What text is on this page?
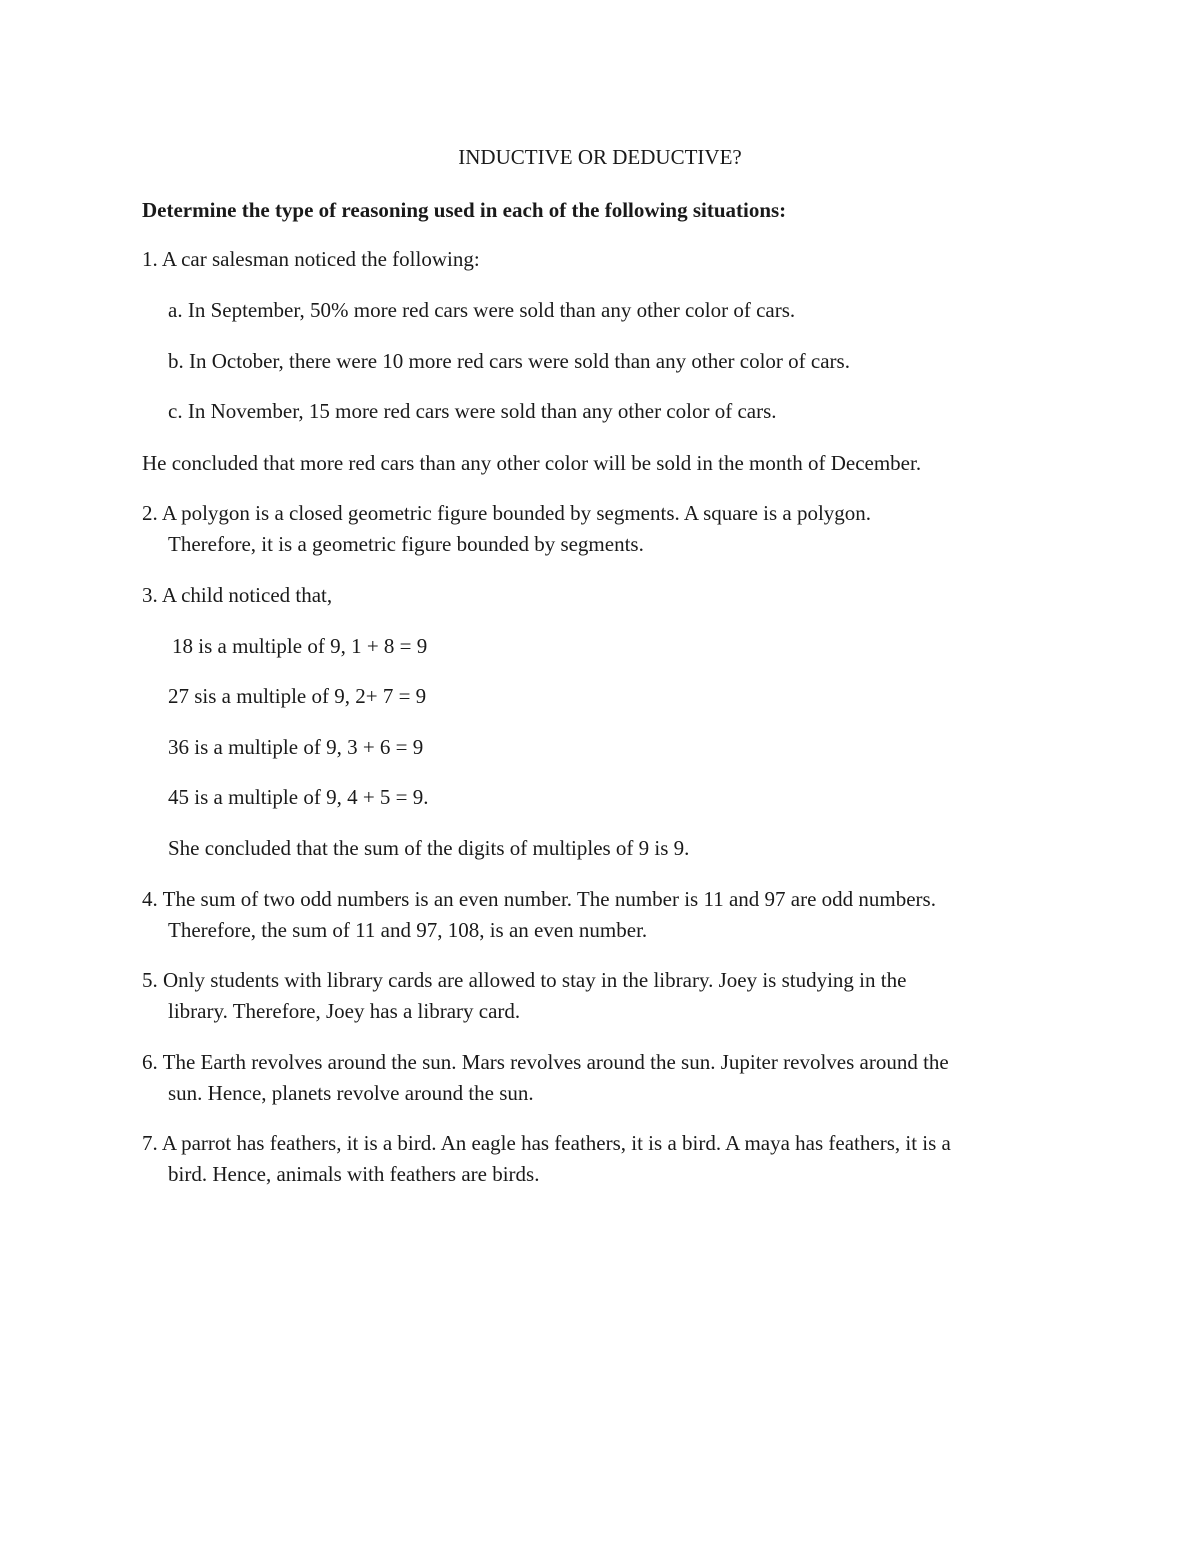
INDUCTIVE OR DEDUCTIVE?

Determine the type of reasoning used in each of the following situations:

1. A car salesman noticed the following:

a. In September, 50% more red cars were sold than any other color of cars.

b. In October, there were 10 more red cars were sold than any other color of cars.

c. In November, 15 more red cars were sold than any other color of cars.

He concluded that more red cars than any other color will be sold in the month of December.

2. A polygon is a closed geometric figure bounded by segments. A square is a polygon.

Therefore, it is a geometric figure bounded by segments.

3. A child noticed that,

18 is a multiple of 9, 1 + 8 = 9

27 sis a multiple of 9, 2+ 7 = 9

36 is a multiple of 9, 3 + 6 = 9

45 is a multiple of 9, 4 + 5 = 9.

She concluded that the sum of the digits of multiples of 9 is 9.

4. The sum of two odd numbers is an even number. The number is 11 and 97 are odd numbers.

Therefore, the sum of 11 and 97, 108, is an even number.

5. Only students with library cards are allowed to stay in the library. Joey is studying in the

library. Therefore, Joey has a library card.

6. The Earth revolves around the sun. Mars revolves around the sun. Jupiter revolves around the

sun. Hence, planets revolve around the sun.

7. A parrot has feathers, it is a bird. An eagle has feathers, it is a bird. A maya has feathers, it is a

bird. Hence, animals with feathers are birds.
